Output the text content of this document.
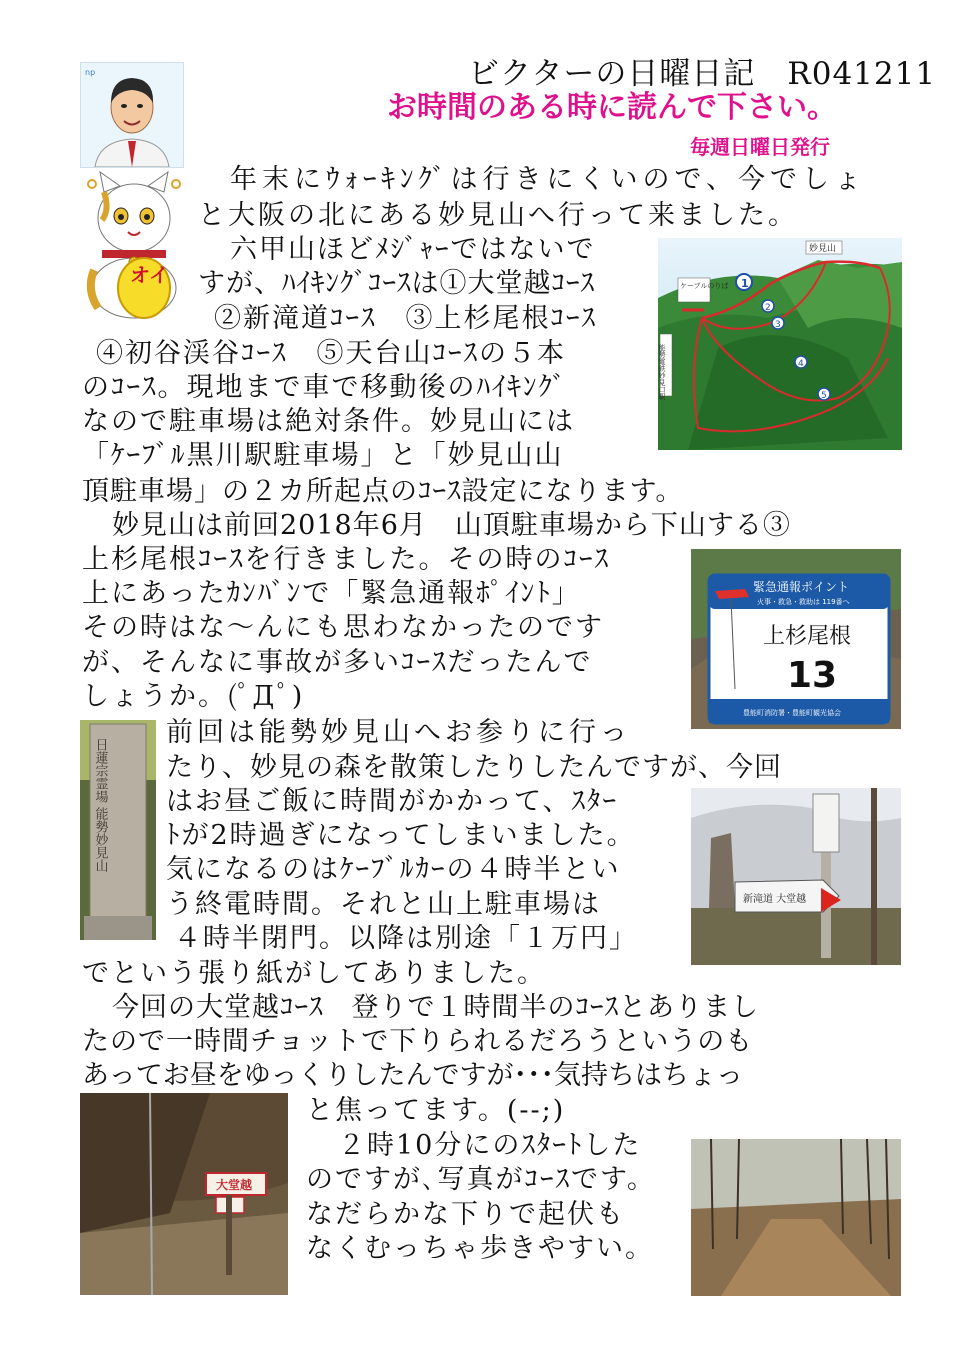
ビクターの日曜日記　R041211
お時間のある時に読んで下さい。
毎週日曜日発行
np
オイ	1
2
3
4
5
妙見山
ケーブルのりば
能勢電鉄妙見口駅
緊急通報ポイント
火事・救急・救助は 119番へ
上杉尾根
13
豊能町消防署・豊能町観光協会
日蓮宗霊場 能勢妙見山
新滝道 大堂越
大堂越
年末にｳｫｰｷﾝｸﾞは行きにくいので、今でしょ
と大阪の北にある妙見山へ行って来ました。
六甲山ほどﾒｼﾞｬｰではないで
すが、ﾊｲｷﾝｸﾞｺｰｽは①大堂越ｺｰｽ
②新滝道ｺｰｽ　③上杉尾根ｺｰｽ
④初谷渓谷ｺｰｽ　⑤天台山ｺｰｽの５本
のｺｰｽ。現地まで車で移動後のﾊｲｷﾝｸﾞ
なので駐車場は絶対条件。妙見山には
「ｹｰﾌﾞﾙ黒川駅駐車場」と「妙見山山
頂駐車場」の２カ所起点のｺｰｽ設定になります。
妙見山は前回2018年6月　山頂駐車場から下山する③
上杉尾根ｺｰｽを行きました。その時のｺｰｽ
上にあったｶﾝﾊﾞﾝで「緊急通報ﾎﾟｲﾝﾄ」
その時はな～んにも思わなかったのです
が、そんなに事故が多いｺｰｽだったんで
しょうか。(ﾟДﾟ)
前回は能勢妙見山へお参りに行っ
たり、妙見の森を散策したりしたんですが、今回
はお昼ご飯に時間がかかって、ｽﾀｰ
ﾄが2時過ぎになってしまいました。
気になるのはｹｰﾌﾞﾙｶｰの４時半とい
う終電時間。それと山上駐車場は
４時半閉門。以降は別途「１万円」
でという張り紙がしてありました。
今回の大堂越ｺｰｽ　登りで１時間半のｺｰｽとありまし
たので一時間チョットで下りられるだろうというのも
あってお昼をゆっくりしたんですが･･･気持ちはちょっ
と焦ってます。(--;)
２時10分にのｽﾀｰﾄした
のですが､写真がｺｰｽです。
なだらかな下りで起伏も
なくむっちゃ歩きやすい。
